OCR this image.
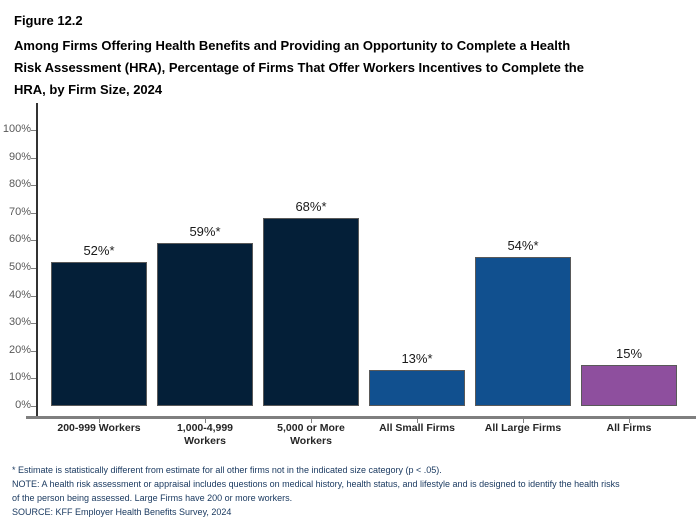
Figure 12.2
Among Firms Offering Health Benefits and Providing an Opportunity to Complete a Health
Risk Assessment (HRA), Percentage of Firms That Offer Workers Incentives to Complete the
HRA, by Firm Size, 2024
0%
10%
20%
30%
40%
50%
60%
70%
80%
90%
100%
52%*
200-999 Workers
59%*
1,000-4,999 Workers
68%*
5,000 or More Workers
13%*
All Small Firms
54%*
All Large Firms
15%
All Firms
* Estimate is statistically different from estimate for all other firms not in the indicated size category (p < .05).
NOTE: A health risk assessment or appraisal includes questions on medical history, health status, and lifestyle and is designed to identify the health risks of the person being assessed. Large Firms have 200 or more workers.
SOURCE: KFF Employer Health Benefits Survey, 2024
